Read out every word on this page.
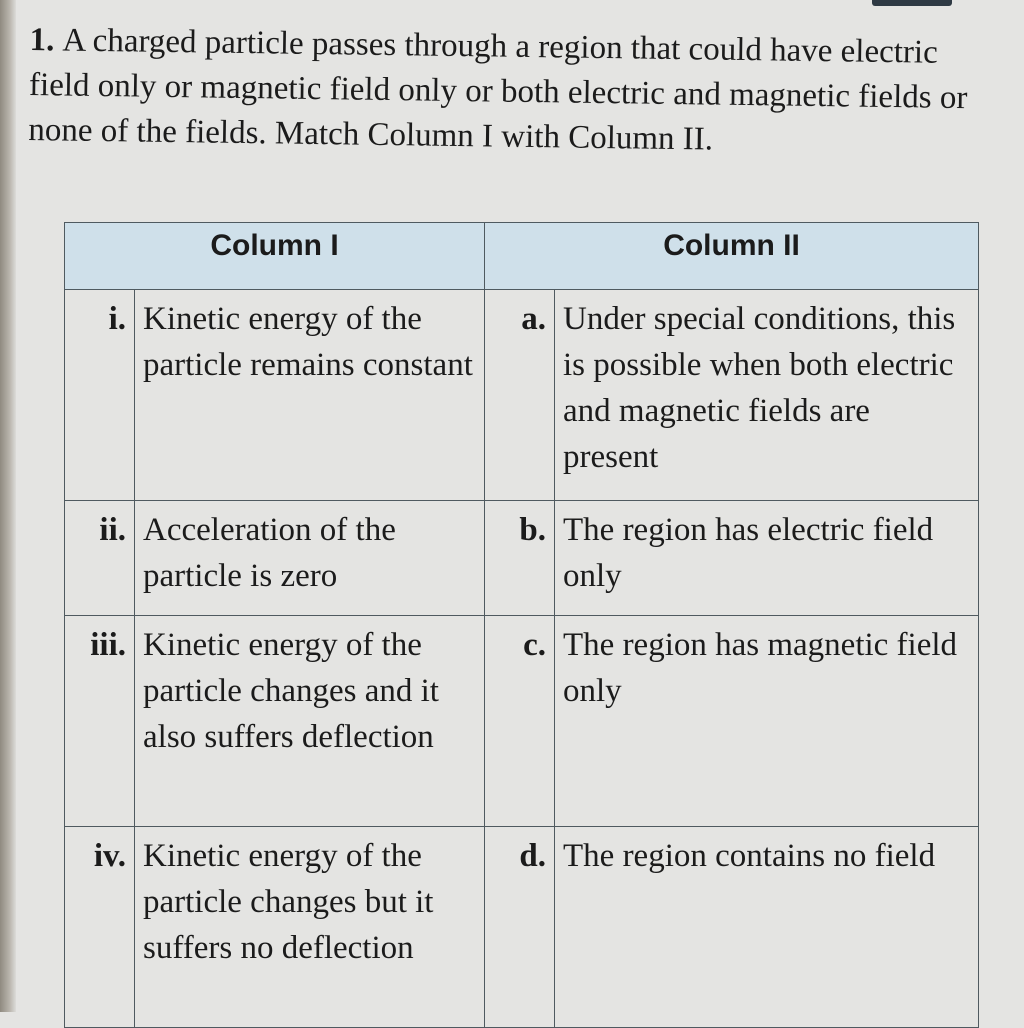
1. A charged particle passes through a region that could have electric field only or magnetic field only or both electric and magnetic fields or none of the fields. Match Column I with Column II.
Column I		Column II	
i.	Kinetic energy of the particle remains constant	a.	Under special conditions, this is possible when both electric and magnetic fields are present
ii.	Acceleration of the particle is zero	b.	The region has electric field only
iii.	Kinetic energy of the particle changes and it also suffers deflection	c.	The region has magnetic field only
iv.	Kinetic energy of the particle changes but it suffers no deflection	d.	The region contains no field
